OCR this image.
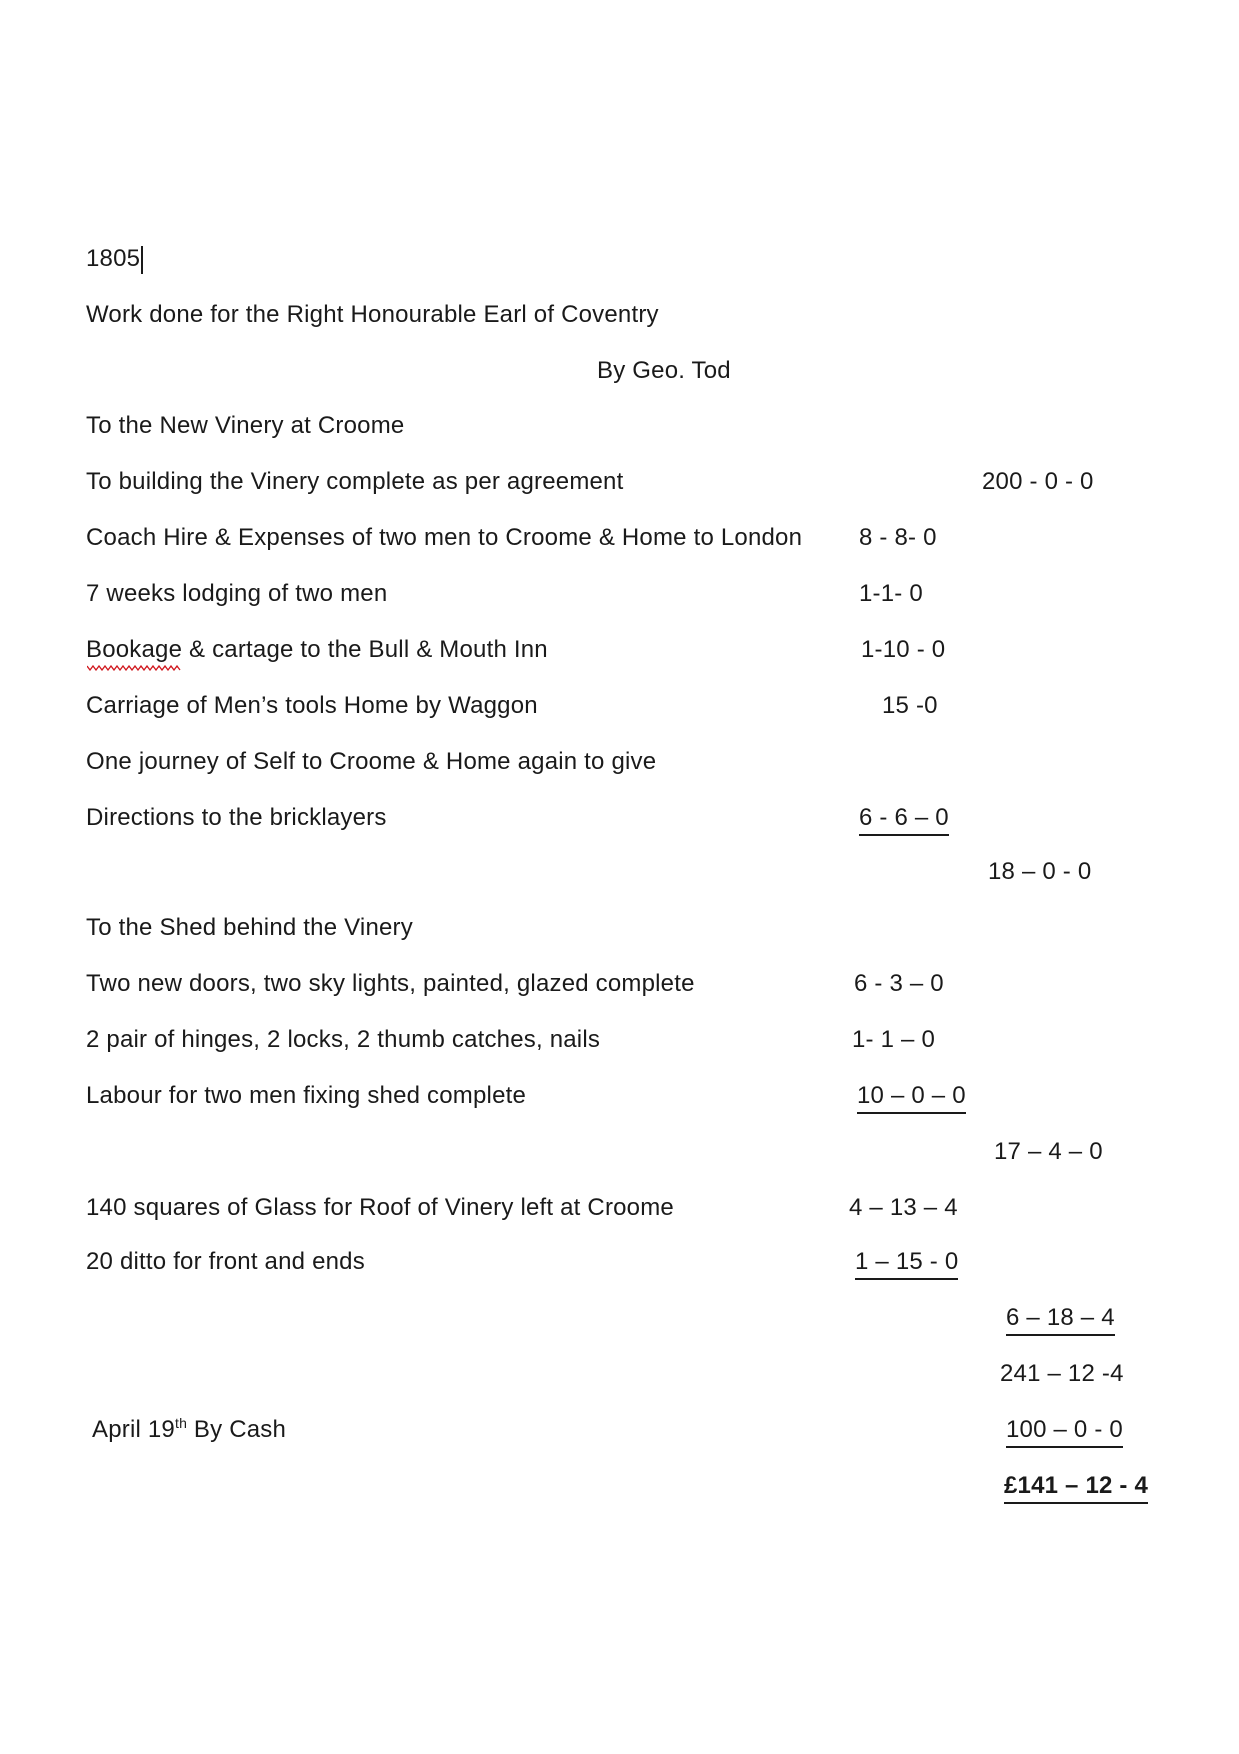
1805
Work done for the Right Honourable Earl of Coventry
By Geo. Tod
To the New Vinery at Croome
To building the Vinery complete as per agreement	200 - 0 - 0
Coach Hire & Expenses of two men to Croome & Home to London 8 - 8- 0
7 weeks lodging of two men	1-1- 0
Bookage & cartage to the Bull & Mouth Inn	1-10 - 0
Carriage of Men’s tools Home by Waggon	15 -0
One journey of Self to Croome & Home again to give
Directions to the bricklayers	6 - 6 – 0
18 – 0 - 0
To the Shed behind the Vinery
Two new doors, two sky lights, painted, glazed complete	6 - 3 – 0
2 pair of hinges, 2 locks, 2 thumb catches, nails	1- 1 – 0
Labour for two men fixing shed complete	10 – 0 – 0
17 – 4 – 0
140 squares of Glass for Roof of Vinery left at Croome	4 – 13 – 4
20 ditto for front and ends	1 – 15 - 0
6 – 18 – 4
241 – 12 -4
April 19th By Cash	100 – 0 - 0
£141 – 12 - 4
